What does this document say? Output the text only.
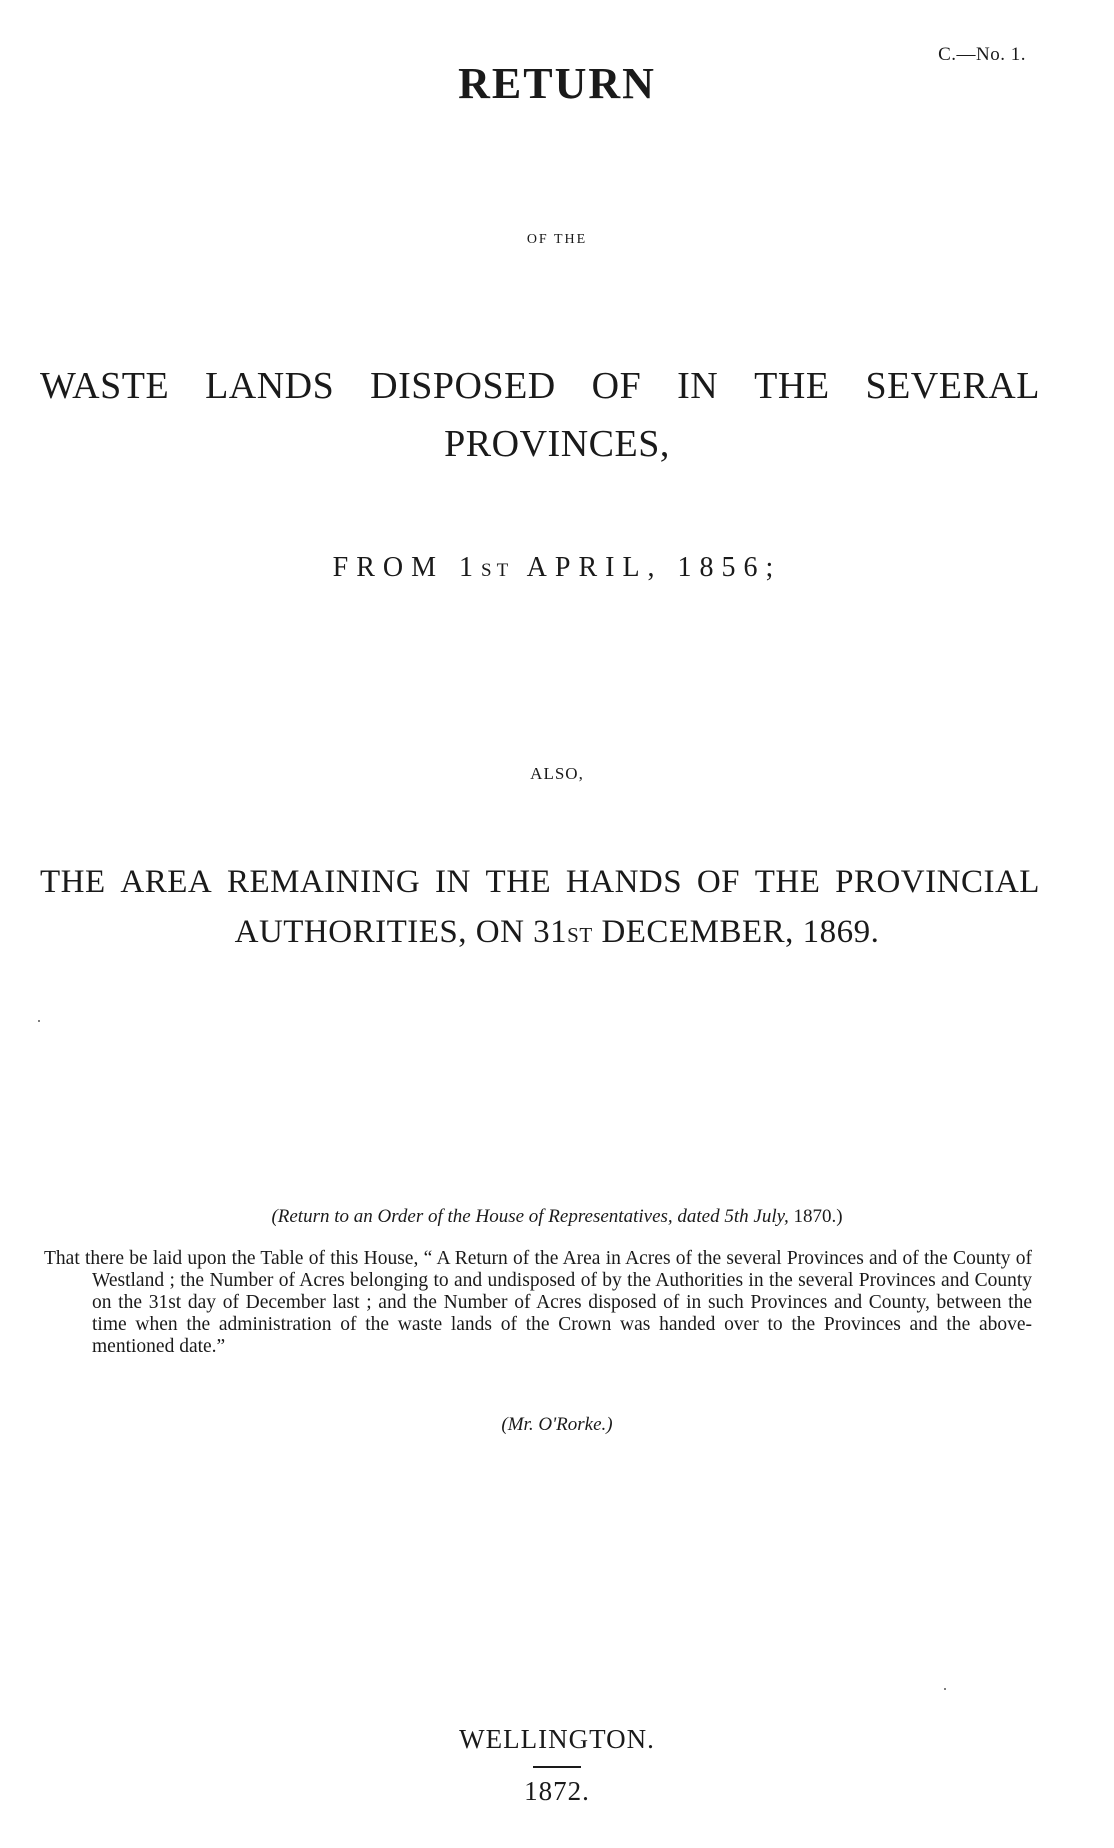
C.—No. 1.
RETURN
OF THE
WASTE LANDS DISPOSED OF IN THE SEVERAL
PROVINCES,
FROM 1ST APRIL, 1856;
ALSO,
THE AREA REMAINING IN THE HANDS OF THE PROVINCIAL
AUTHORITIES, ON 31ST DECEMBER, 1869.
(Return to an Order of the House of Representatives, dated 5th July, 1870.)
That there be laid upon the Table of this House, “ A Return of the Area in Acres of the several Provinces and of the County of Westland ; the Number of Acres belonging to and undisposed of by the Authorities in the several Provinces and County on the 31st day of December last ; and the Number of Acres disposed of in such Provinces and County, between the time when the administration of the waste lands of the Crown was handed over to the Provinces and the above-mentioned date.”
(Mr. O'Rorke.)
WELLINGTON.
1872.
